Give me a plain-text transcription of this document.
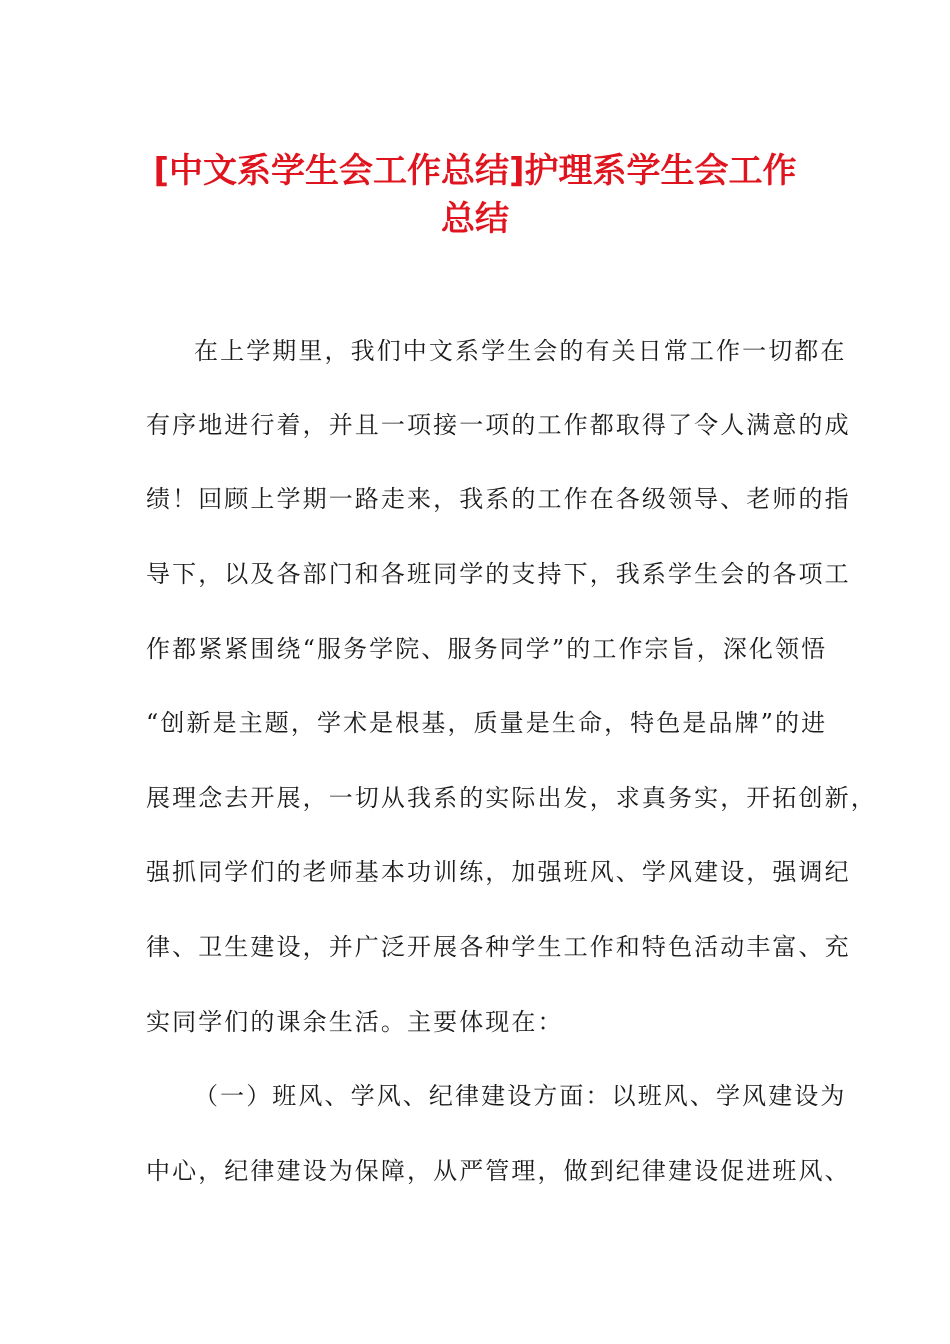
[中文系学生会工作总结]护理系学生会工作
总结

在上学期里，我们中文系学生会的有关日常工作一切都在

有序地进行着，并且一项接一项的工作都取得了令人满意的成

绩！回顾上学期一路走来，我系的工作在各级领导、老师的指

导下，以及各部门和各班同学的支持下，我系学生会的各项工

作都紧紧围绕“服务学院、服务同学”的工作宗旨，深化领悟

“创新是主题，学术是根基，质量是生命，特色是品牌”的进

展理念去开展，一切从我系的实际出发，求真务实，开拓创新，

强抓同学们的老师基本功训练，加强班风、学风建设，强调纪

律、卫生建设，并广泛开展各种学生工作和特色活动丰富、充

实同学们的课余生活。主要体现在：

（一）班风、学风、纪律建设方面：以班风、学风建设为

中心，纪律建设为保障，从严管理，做到纪律建设促进班风、
